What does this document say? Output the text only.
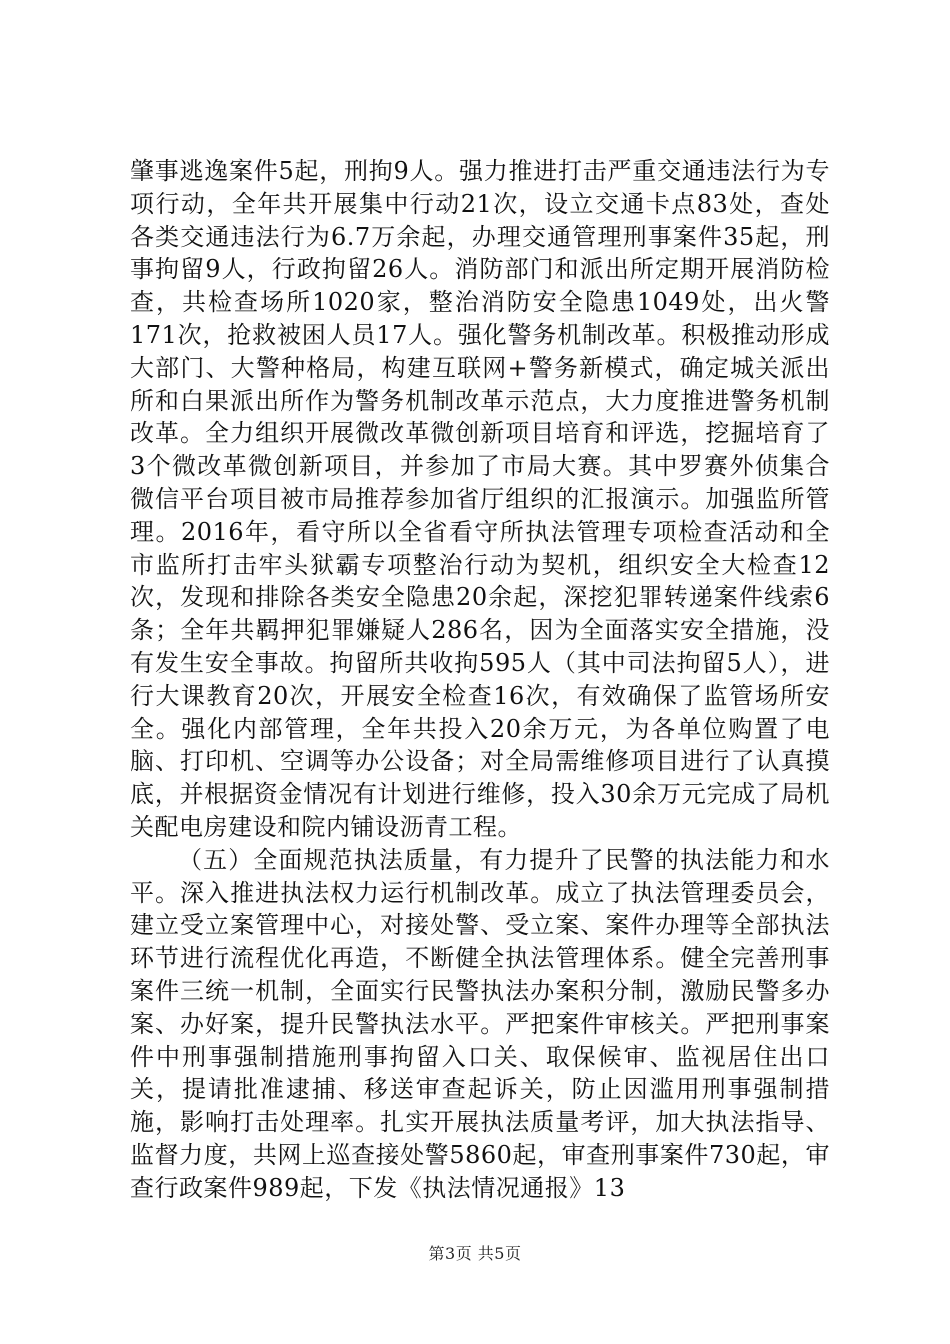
肇事逃逸案件5起，刑拘9人。强力推进打击严重交通违法行为专项行动，全年共开展集中行动21次，设立交通卡点83处，查处各类交通违法行为6.7万余起，办理交通管理刑事案件35起，刑事拘留9人，行政拘留26人。消防部门和派出所定期开展消防检查，共检查场所1020家，整治消防安全隐患1049处，出火警171次，抢救被困人员17人。强化警务机制改革。积极推动形成大部门、大警种格局，构建互联网+警务新模式，确定城关派出所和白果派出所作为警务机制改革示范点，大力度推进警务机制改革。全力组织开展微改革微创新项目培育和评选，挖掘培育了3个微改革微创新项目，并参加了市局大赛。其中罗赛外侦集合微信平台项目被市局推荐参加省厅组织的汇报演示。加强监所管理。2016年，看守所以全省看守所执法管理专项检查活动和全市监所打击牢头狱霸专项整治行动为契机，组织安全大检查12次，发现和排除各类安全隐患20余起，深挖犯罪转递案件线索6条；全年共羁押犯罪嫌疑人286名，因为全面落实安全措施，没有发生安全事故。拘留所共收拘595人（其中司法拘留5人），进行大课教育20次，开展安全检查16次，有效确保了监管场所安全。强化内部管理，全年共投入20余万元，为各单位购置了电脑、打印机、空调等办公设备；对全局需维修项目进行了认真摸底，并根据资金情况有计划进行维修，投入30余万元完成了局机关配电房建设和院内铺设沥青工程。

（五）全面规范执法质量，有力提升了民警的执法能力和水平。深入推进执法权力运行机制改革。成立了执法管理委员会，建立受立案管理中心，对接处警、受立案、案件办理等全部执法环节进行流程优化再造，不断健全执法管理体系。健全完善刑事案件三统一机制，全面实行民警执法办案积分制，激励民警多办案、办好案，提升民警执法水平。严把案件审核关。严把刑事案件中刑事强制措施刑事拘留入口关、取保候审、监视居住出口关，提请批准逮捕、移送审查起诉关，防止因滥用刑事强制措施，影响打击处理率。扎实开展执法质量考评，加大执法指导、监督力度，共网上巡查接处警5860起，审查刑事案件730起，审查行政案件989起，下发《执法情况通报》13

第3页 共5页
